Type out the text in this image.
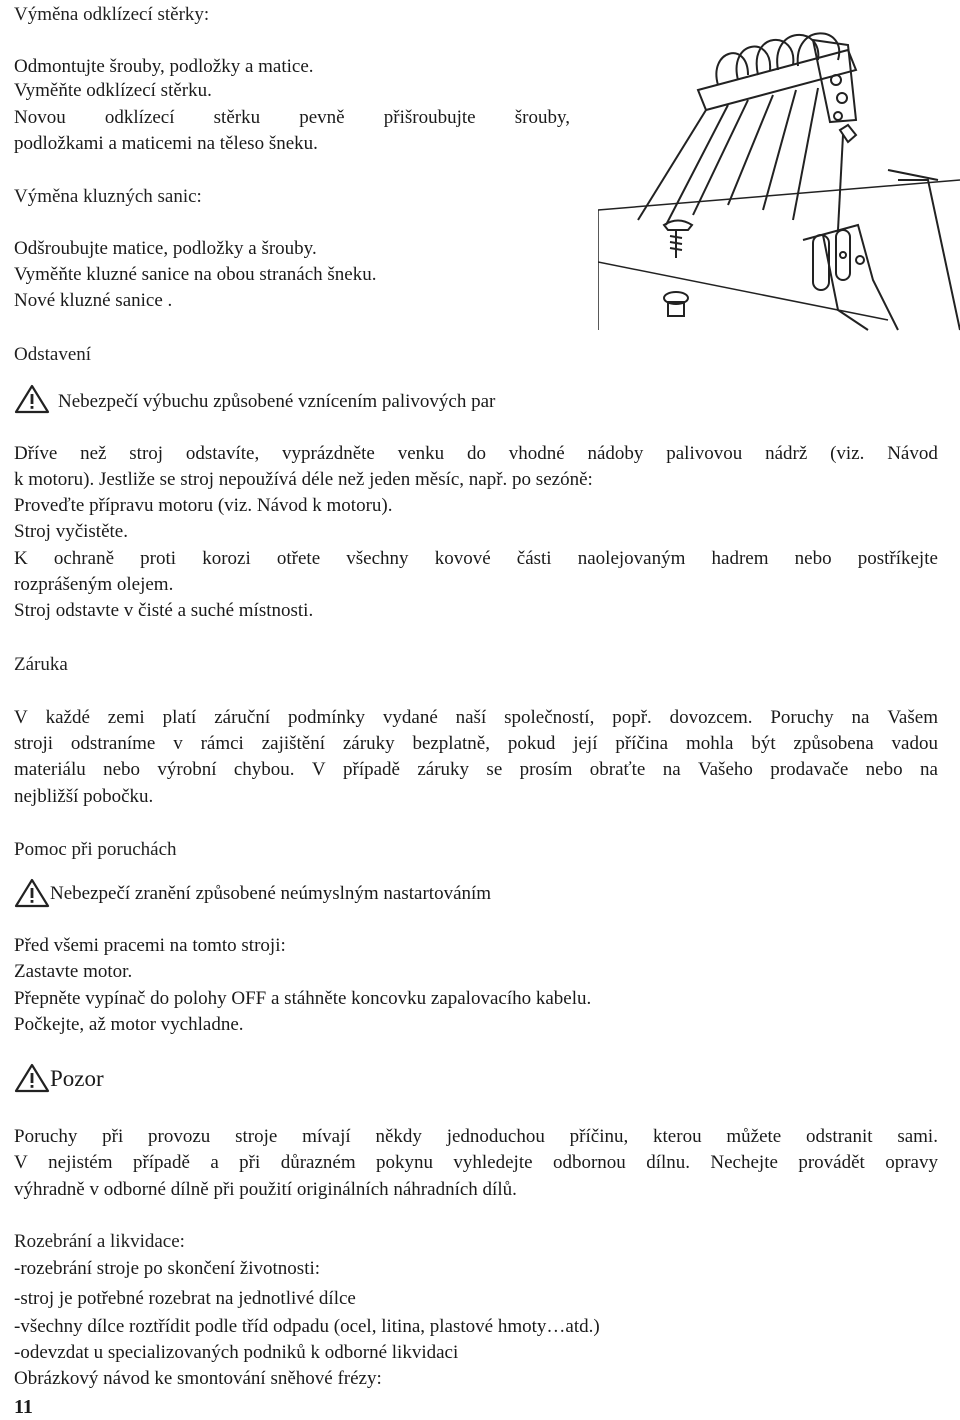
Výměna odklízecí stěrky:
Odmontujte šrouby, podložky a matice.
Vyměňte odklízecí stěrku.
Novou odklízecí stěrku pevně přišroubujte šrouby,
podložkami a maticemi na těleso šneku.
Výměna kluzných sanic:
Odšroubujte matice, podložky a šrouby.
Vyměňte kluzné sanice na obou stranách šneku.
Nové kluzné sanice .
Odstavení
Nebezpečí výbuchu způsobené vznícením palivových par
Dříve než stroj odstavíte, vyprázdněte venku do vhodné nádoby palivovou nádrž (viz. Návod
k motoru). Jestliže se stroj nepoužívá déle než jeden měsíc, např. po sezóně:
Proveďte přípravu motoru (viz. Návod k motoru).
Stroj vyčistěte.
K ochraně proti korozi otřete všechny kovové části naolejovaným hadrem nebo postříkejte
rozprášeným olejem.
Stroj odstavte v čisté a suché místnosti.
Záruka
V každé zemi platí záruční podmínky vydané naší společností, popř. dovozcem. Poruchy na Vašem
stroji odstraníme v rámci zajištění záruky bezplatně, pokud její příčina mohla být způsobena vadou
materiálu nebo výrobní chybou. V případě záruky se prosím obraťte na Vašeho prodavače nebo na
nejbližší pobočku.
Pomoc při poruchách
Nebezpečí zranění způsobené neúmyslným nastartováním
Před všemi pracemi na tomto stroji:
Zastavte motor.
Přepněte vypínač do polohy OFF a stáhněte koncovku zapalovacího kabelu.
Počkejte, až motor vychladne.
Pozor
Poruchy při provozu stroje mívají někdy jednoduchou příčinu, kterou můžete odstranit sami.
V nejistém případě a při důrazném pokynu vyhledejte odbornou dílnu. Nechejte provádět opravy
výhradně v odborné dílně při použití originálních náhradních dílů.
Rozebrání a likvidace:
-rozebrání stroje po skončení životnosti:
-stroj je potřebné rozebrat na jednotlivé dílce
-všechny dílce roztřídit podle tříd odpadu (ocel, litina, plastové hmoty…atd.)
-odevzdat u specializovaných podniků k odborné likvidaci
Obrázkový návod ke smontování sněhové frézy:
11
